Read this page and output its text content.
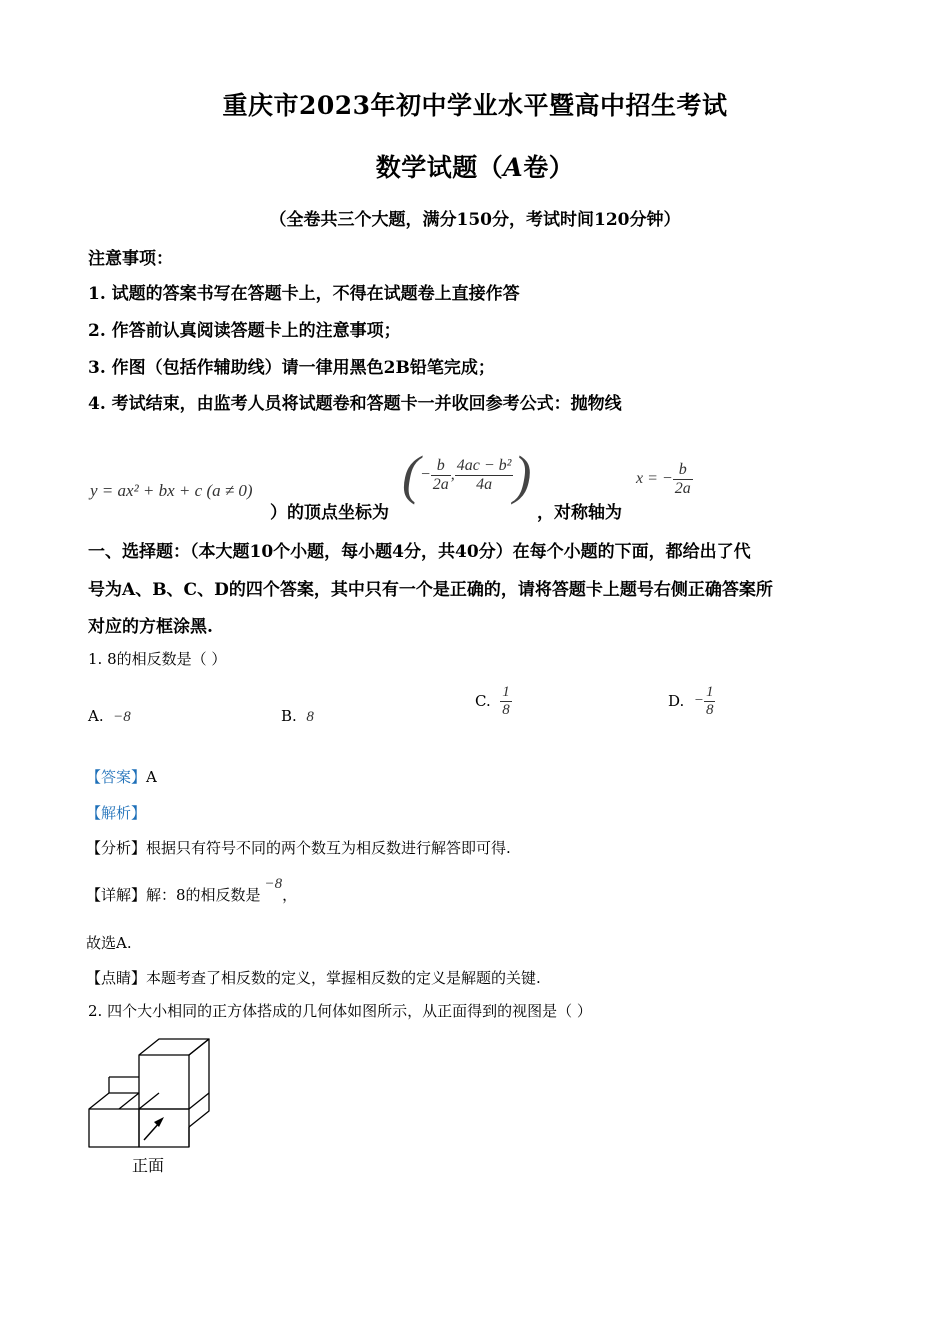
重庆市2023年初中学业水平暨高中招生考试
数学试题（A卷）
（全卷共三个大题，满分150分，考试时间120分钟）
注意事项：
1. 试题的答案书写在答题卡上，不得在试题卷上直接作答
2. 作答前认真阅读答题卡上的注意事项；
3. 作图（包括作辅助线）请一律用黑色2B铅笔完成；
4. 考试结束，由监考人员将试题卷和答题卡一并收回参考公式：抛物线
y = ax² + bx + c (a ≠ 0)
）的顶点坐标为
(− $\frac{b}{2a}$ , $\frac{\text{4ac − b²}}{4a}$ )
，对称轴为
x = − $\frac{b}{2a}$
一、选择题：（本大题10个小题，每小题4分，共40分）在每个小题的下面，都给出了代
号为A、B、C、D的四个答案，其中只有一个是正确的，请将答题卡上题号右侧正确答案所
对应的方框涂黑.
1. 8的相反数是（ ）
A. −8	B. 8
C. $\frac{1}{8}$	D. − $\frac{1}{8}$
【答案】A
【解析】
【分析】根据只有符号不同的两个数互为相反数进行解答即可得.
【详解】解：8的相反数是−8，
故选A.
【点睛】本题考查了相反数的定义，掌握相反数的定义是解题的关键.
2. 四个大小相同的正方体搭成的几何体如图所示，从正面得到的视图是（ ）
正面
